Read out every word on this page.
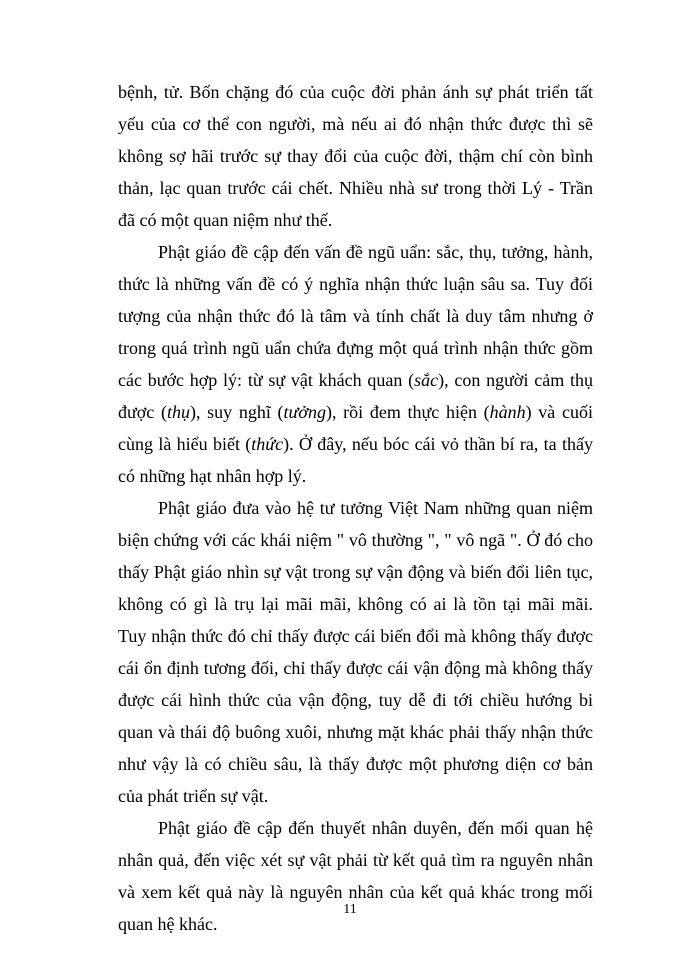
bệnh, tử. Bốn chặng đó của cuộc đời phản ánh sự phát triển tất
yếu của cơ thể con người, mà nếu ai đó nhận thức được thì sẽ
không sợ hãi trước sự thay đổi của cuộc đời, thậm chí còn bình
thản, lạc quan trước cái chết. Nhiều nhà sư trong thời Lý - Trần
đã có một quan niệm như thế.
Phật giáo đề cập đến vấn đề ngũ uẩn: sắc, thụ, tưởng, hành,
thức là những vấn đề có ý nghĩa nhận thức luận sâu sa. Tuy đối
tượng của nhận thức đó là tâm và tính chất là duy tâm nhưng ở
trong quá trình ngũ uẩn chứa đựng một quá trình nhận thức gồm
các bước hợp lý: từ sự vật khách quan (sắc), con người cảm thụ
được (thụ), suy nghĩ (tưởng), rồi đem thực hiện (hành) và cuối
cùng là hiểu biết (thức). Ở đây, nếu bóc cái vỏ thần bí ra, ta thấy
có những hạt nhân hợp lý.
Phật giáo đưa vào hệ tư tưởng Việt Nam những quan niệm
biện chứng với các khái niệm " vô thường ", " vô ngã ". Ở đó cho
thấy Phật giáo nhìn sự vật trong sự vận động và biến đổi liên tục,
không có gì là trụ lại mãi mãi, không có ai là tồn tại mãi mãi.
Tuy nhận thức đó chỉ thấy được cái biến đổi mà không thấy được
cái ổn định tương đối, chỉ thấy được cái vận động mà không thấy
được cái hình thức của vận động, tuy dễ đi tới chiều hướng bi
quan và thái độ buông xuôi, nhưng mặt khác phải thấy nhận thức
như vậy là có chiều sâu, là thấy được một phương diện cơ bản
của phát triển sự vật.
Phật giáo đề cập đến thuyết nhân duyên, đến mối quan hệ
nhân quả, đến việc xét sự vật phải từ kết quả tìm ra nguyên nhân
và xem kết quả này là nguyên nhân của kết quả khác trong mối
quan hệ khác.
11
